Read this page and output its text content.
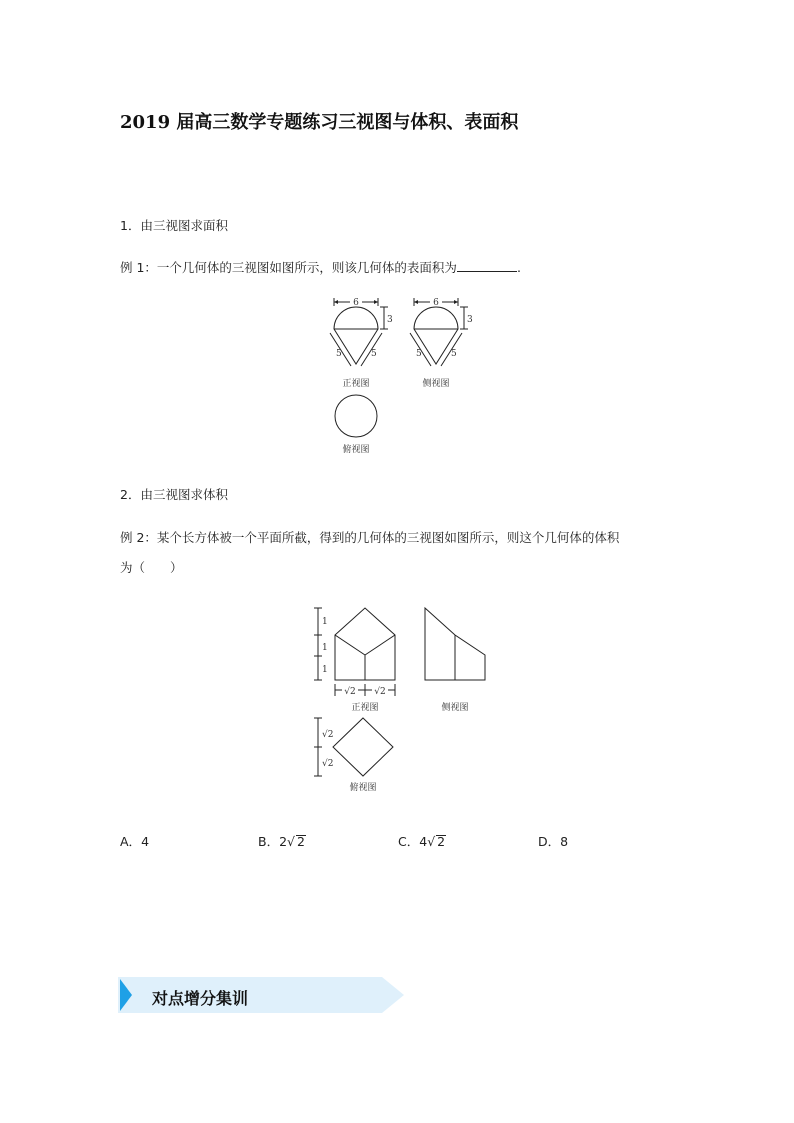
2019 届高三数学专题练习三视图与体积、表面积
1．由三视图求面积
例 1：一个几何体的三视图如图所示，则该几何体的表面积为	.
6	6
3	3
5	5	5	5
正视图	侧视图
俯视图
2．由三视图求体积
例 2：某个长方体被一个平面所截，得到的几何体的三视图如图所示，则这个几何体的体积
为（　　）
1
1
1
√2 √2
√2
√2
正视图	侧视图
俯视图
A．4	B．2√ 2	C．4√ 2	D．8
对点增分集训
